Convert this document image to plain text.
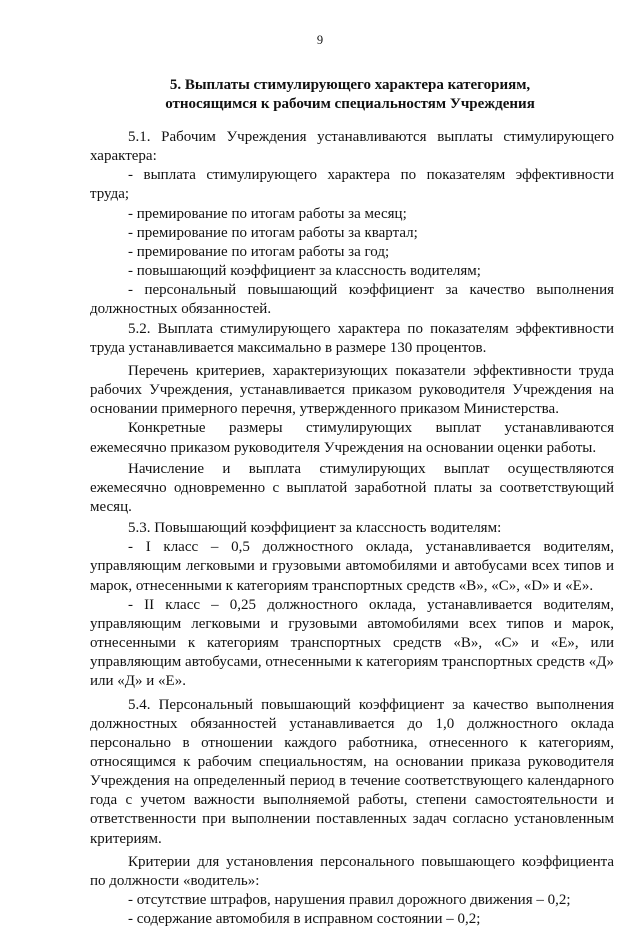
9
5. Выплаты стимулирующего характера категориям,
относящимся к рабочим специальностям Учреждения

5.1. Рабочим Учреждения устанавливаются выплаты стимулирующего характера:

- выплата стимулирующего характера по показателям эффективности труда;

- премирование по итогам работы за месяц;

- премирование по итогам работы за квартал;

- премирование по итогам работы за год;

- повышающий коэффициент за классность водителям;

- персональный повышающий коэффициент за качество выполнения должностных обязанностей.

5.2. Выплата стимулирующего характера по показателям эффективности труда устанавливается максимально в размере 130 процентов.

Перечень критериев, характеризующих показатели эффективности труда рабочих Учреждения, устанавливается приказом руководителя Учреждения на основании примерного перечня, утвержденного приказом Министерства.

Конкретные размеры стимулирующих выплат устанавливаются ежемесячно приказом руководителя Учреждения на основании оценки работы.

Начисление и выплата стимулирующих выплат осуществляются ежемесячно одновременно с выплатой заработной платы за соответствующий месяц.

5.3. Повышающий коэффициент за классность водителям:

- I класс – 0,5 должностного оклада, устанавливается водителям, управляющим легковыми и грузовыми автомобилями и автобусами всех типов и марок, отнесенными к категориям транспортных средств «В», «С», «D» и «Е».

- II класс – 0,25 должностного оклада, устанавливается водителям, управляющим легковыми и грузовыми автомобилями всех типов и марок, отнесенными к категориям транспортных средств «В», «С» и «Е», или управляющим автобусами, отнесенными к категориям транспортных средств «Д» или «Д» и «Е».

5.4. Персональный повышающий коэффициент за качество выполнения должностных обязанностей устанавливается до 1,0 должностного оклада персонально в отношении каждого работника, отнесенного к категориям, относящимся к рабочим специальностям, на основании приказа руководителя Учреждения на определенный период в течение соответствующего календарного года с учетом важности выполняемой работы, степени самостоятельности и ответственности при выполнении поставленных задач согласно установленным критериям.

Критерии для установления персонального повышающего коэффициента по должности «водитель»:

- отсутствие штрафов, нарушения правил дорожного движения – 0,2;

- содержание автомобиля в исправном состоянии – 0,2;
